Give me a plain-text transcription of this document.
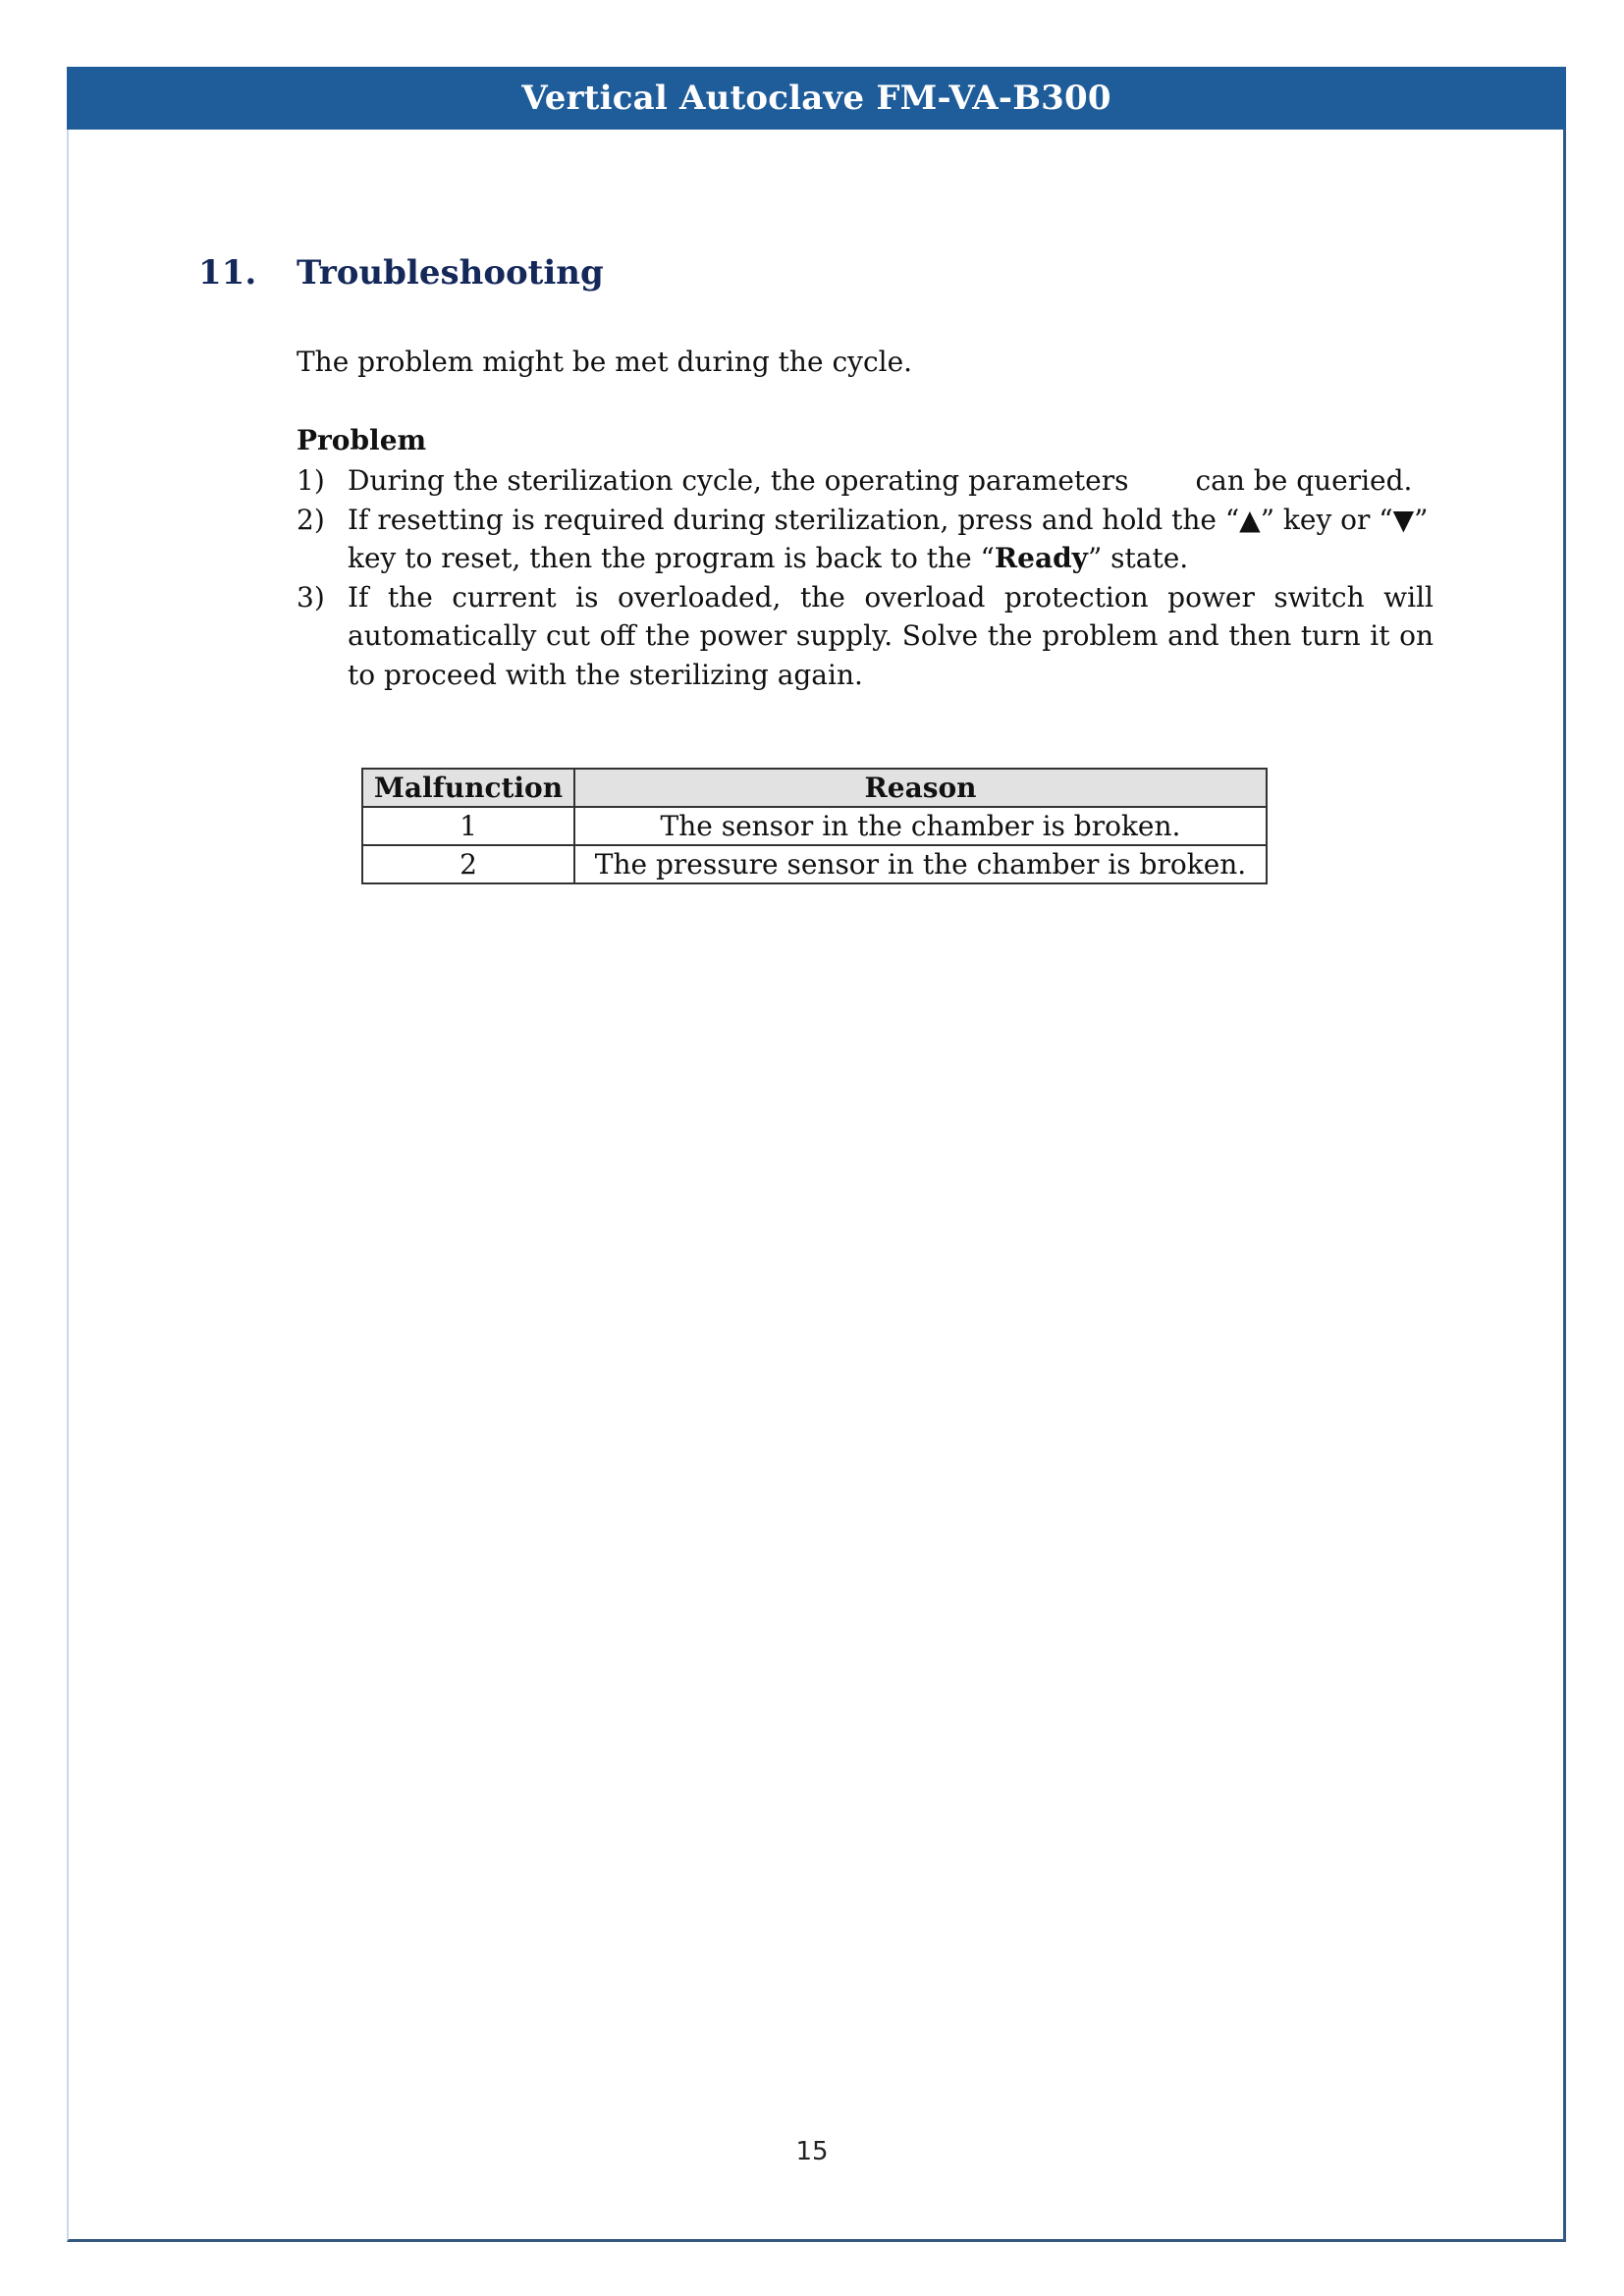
Vertical Autoclave FM-VA-B300
11.	Troubleshooting
The problem might be met during the cycle.
Problem
1) During the sterilization cycle, the operating parameters can be queried.
2) If resetting is required during sterilization, press and hold the “▲” key or “▼” key to reset, then the program is back to the “Ready” state.
3) If the current is overloaded, the overload protection power switch will automatically cut off the power supply. Solve the problem and then turn it on to proceed with the sterilizing again.
Malfunction	Reason
1	The sensor in the chamber is broken.
2	The pressure sensor in the chamber is broken.
15
